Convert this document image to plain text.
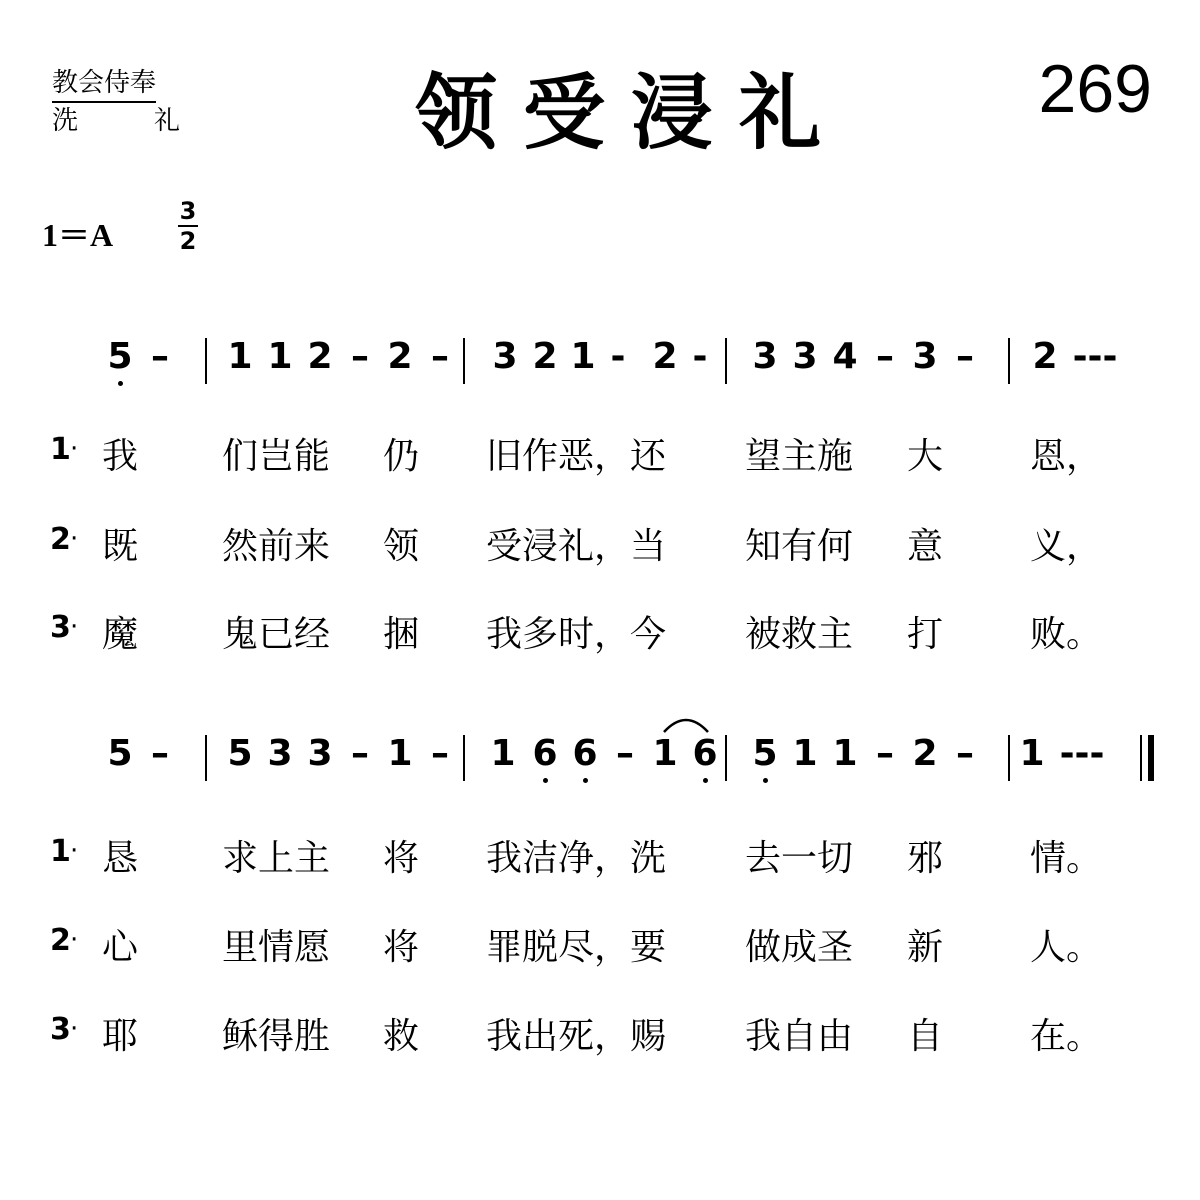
教会侍奉
洗	礼	领受浸礼	269
1＝A
3
2
5 – 1 1 2 – 2 – 3 2 1 - 2 - 3 3 4 – 3 – 2 ---
1 · 我 们岂能 仍 旧作恶，还 望主施 大 恩，
2 · 既 然前来 领 受浸礼，当 知有何 意 义，
3 · 魔 鬼已经 捆 我多时，今 被救主 打 败。
5 – 5 3 3 – 1 – 1 6 6 – 1 6 5 1 1 – 2 – 1 ---
1 · 恳 求上主 将 我洁净，洗 去一切 邪 情。
2 · 心 里情愿 将 罪脱尽，要 做成圣 新 人。
3 · 耶 稣得胜 救 我出死，赐 我自由 自 在。
